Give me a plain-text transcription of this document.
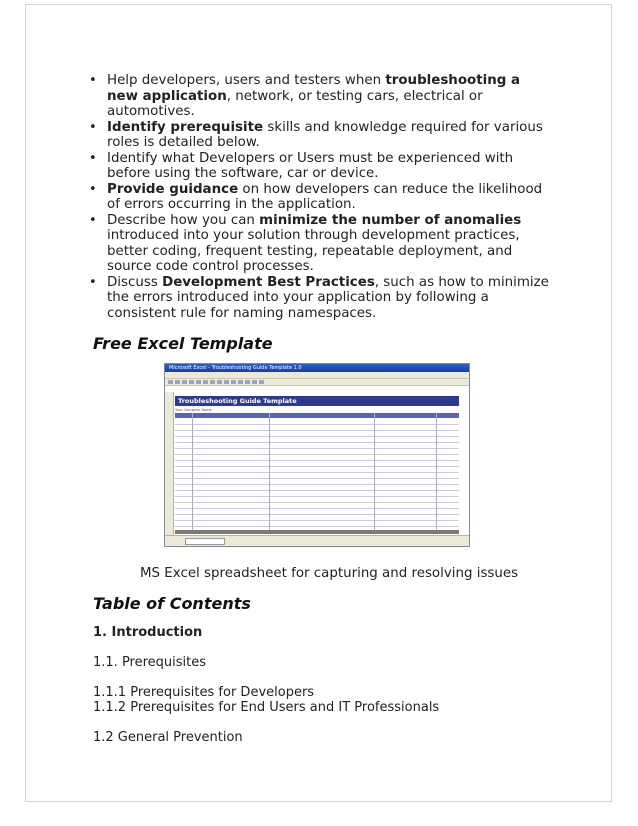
• Help developers, users and testers when troubleshooting a new application, network, or testing cars, electrical or automotives.
• Identify prerequisite skills and knowledge required for various roles is detailed below.
• Identify what Developers or Users must be experienced with before using the software, car or device.
• Provide guidance on how developers can reduce the likelihood of errors occurring in the application.
• Describe how you can minimize the number of anomalies introduced into your solution through development practices, better coding, frequent testing, repeatable deployment, and source code control processes.
• Discuss Development Best Practices, such as how to minimize the errors introduced into your application by following a consistent rule for naming namespaces.
Free Excel Template
Microsoft Excel - Troubleshooting Guide Template 1.0
Troubleshooting Guide Template
Your Company Name
MS Excel spreadsheet for capturing and resolving issues
Table of Contents
1. Introduction
1.1. Prerequisites
1.1.1 Prerequisites for Developers
1.1.2 Prerequisites for End Users and IT Professionals
1.2 General Prevention
